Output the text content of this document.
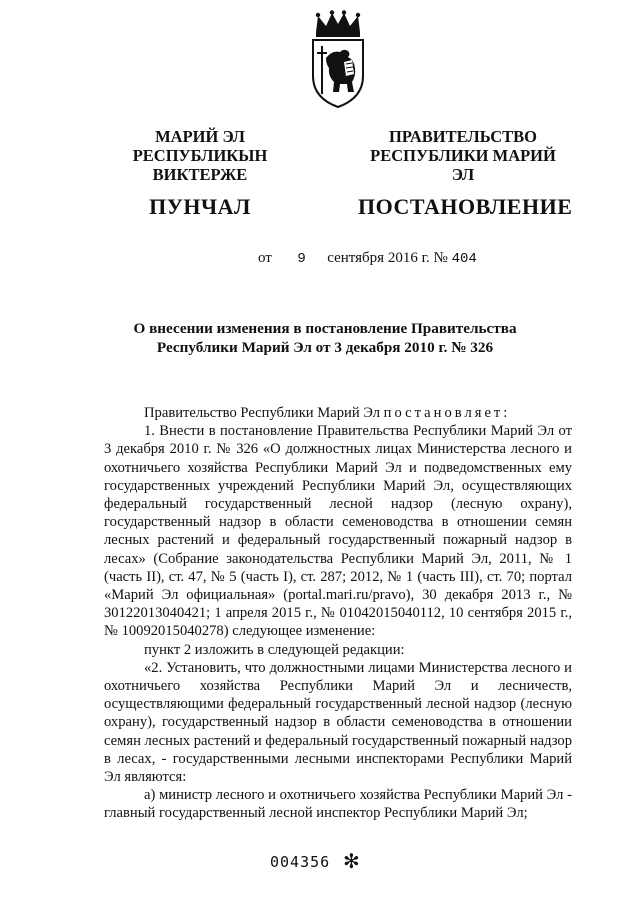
МАРИЙ ЭЛ РЕСПУБЛИКЫН
ВИКТЕРЖЕ
ПУНЧАЛ
ПРАВИТЕЛЬСТВО
РЕСПУБЛИКИ МАРИЙ ЭЛ
ПОСТАНОВЛЕНИЕ
от 9 сентября 2016 г. № 404
О внесении изменения в постановление Правительства
Республики Марий Эл от 3 декабря 2010 г. № 326

Правительство Республики Марий Эл постановляет:

1. Внести в постановление Правительства Республики Марий Эл от 3 декабря 2010 г. № 326 «О должностных лицах Министерства лесного и охотничьего хозяйства Республики Марий Эл и подведомственных ему государственных учреждений Республики Марий Эл, осуществляющих федеральный государственный лесной надзор (лесную охрану), государственный надзор в области семеноводства в отношении семян лесных растений и федеральный государственный пожарный надзор в лесах» (Собрание законодательства Республики Марий Эл, 2011, № 1 (часть II), ст. 47, № 5 (часть I), ст. 287; 2012, № 1 (часть III), ст. 70; портал «Марий Эл официальная» (portal.mari.ru/pravo), 30 декабря 2013 г., № 30122013040421; 1 апреля 2015 г., № 01042015040112, 10 сентября 2015 г., № 10092015040278) следующее изменение:

пункт 2 изложить в следующей редакции:

«2. Установить, что должностными лицами Министерства лесного и охотничьего хозяйства Республики Марий Эл и лесничеств, осуществляющими федеральный государственный лесной надзор (лесную охрану), государственный надзор в области семеноводства в отношении семян лесных растений и федеральный государственный пожарный надзор в лесах, - государственными лесными инспекторами Республики Марий Эл являются:

а) министр лесного и охотничьего хозяйства Республики Марий Эл - главный государственный лесной инспектор Республики Марий Эл;

004356 ✻
